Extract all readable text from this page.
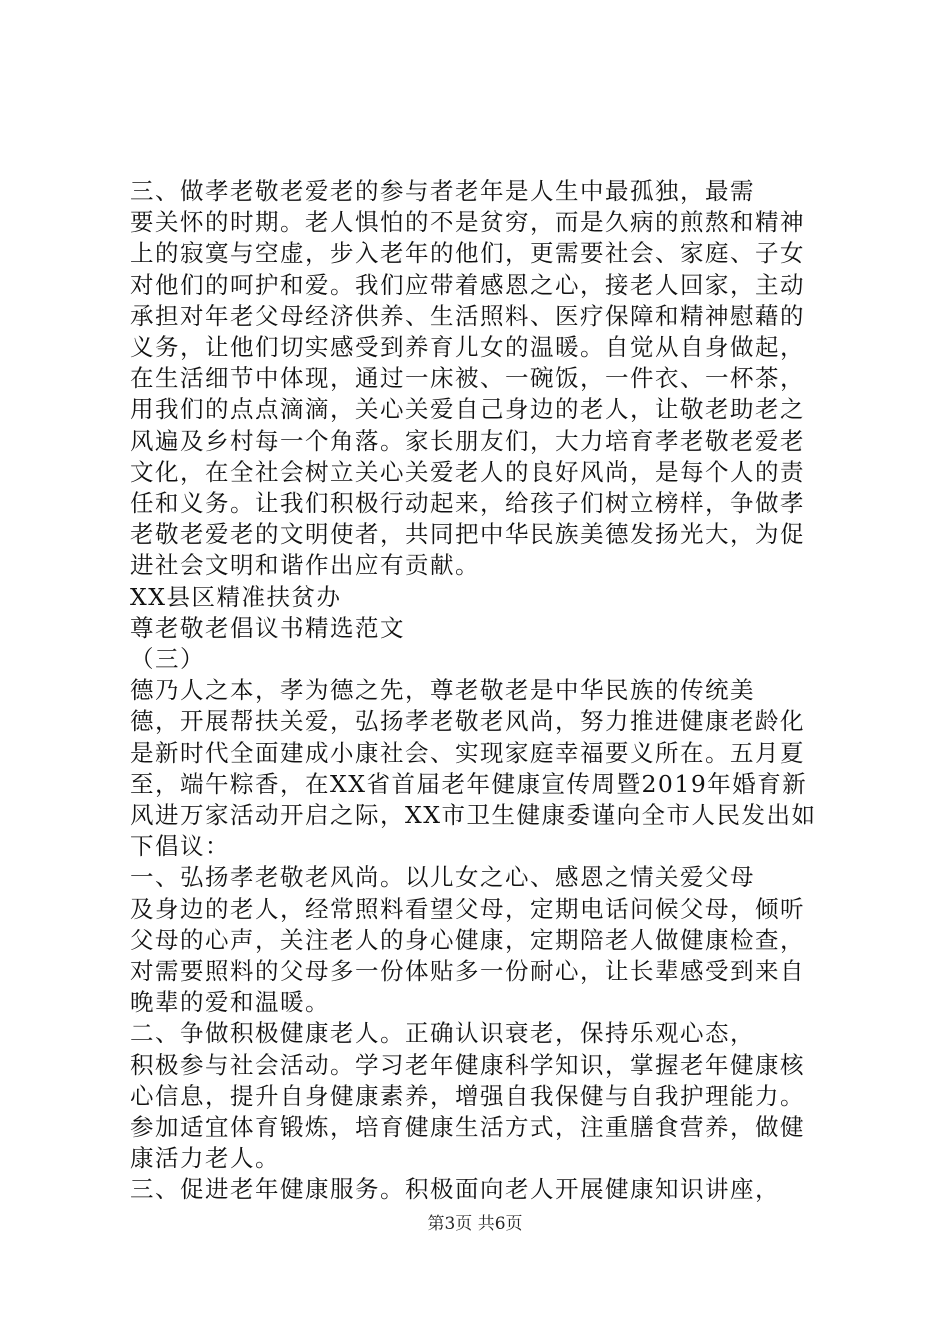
三、做孝老敬老爱老的参与者老年是人生中最孤独，最需
要关怀的时期。老人惧怕的不是贫穷，而是久病的煎熬和精神
上的寂寞与空虚，步入老年的他们，更需要社会、家庭、子女
对他们的呵护和爱。我们应带着感恩之心，接老人回家，主动
承担对年老父母经济供养、生活照料、医疗保障和精神慰藉的
义务，让他们切实感受到养育儿女的温暖。自觉从自身做起，
在生活细节中体现，通过一床被、一碗饭，一件衣、一杯茶，
用我们的点点滴滴，关心关爱自己身边的老人，让敬老助老之
风遍及乡村每一个角落。家长朋友们，大力培育孝老敬老爱老
文化，在全社会树立关心关爱老人的良好风尚，是每个人的责
任和义务。让我们积极行动起来，给孩子们树立榜样，争做孝
老敬老爱老的文明使者，共同把中华民族美德发扬光大，为促
进社会文明和谐作出应有贡献。
XX县区精准扶贫办
尊老敬老倡议书精选范文
（三）
德乃人之本，孝为德之先，尊老敬老是中华民族的传统美
德，开展帮扶关爱，弘扬孝老敬老风尚，努力推进健康老龄化
是新时代全面建成小康社会、实现家庭幸福要义所在。五月夏
至，端午粽香，在XX省首届老年健康宣传周暨2019年婚育新
风进万家活动开启之际，XX市卫生健康委谨向全市人民发出如
下倡议：
一、弘扬孝老敬老风尚。以儿女之心、感恩之情关爱父母
及身边的老人，经常照料看望父母，定期电话问候父母，倾听
父母的心声，关注老人的身心健康，定期陪老人做健康检查，
对需要照料的父母多一份体贴多一份耐心，让长辈感受到来自
晚辈的爱和温暖。
二、争做积极健康老人。正确认识衰老，保持乐观心态，
积极参与社会活动。学习老年健康科学知识，掌握老年健康核
心信息，提升自身健康素养，增强自我保健与自我护理能力。
参加适宜体育锻炼，培育健康生活方式，注重膳食营养，做健
康活力老人。
三、促进老年健康服务。积极面向老人开展健康知识讲座，
第3页 共6页
